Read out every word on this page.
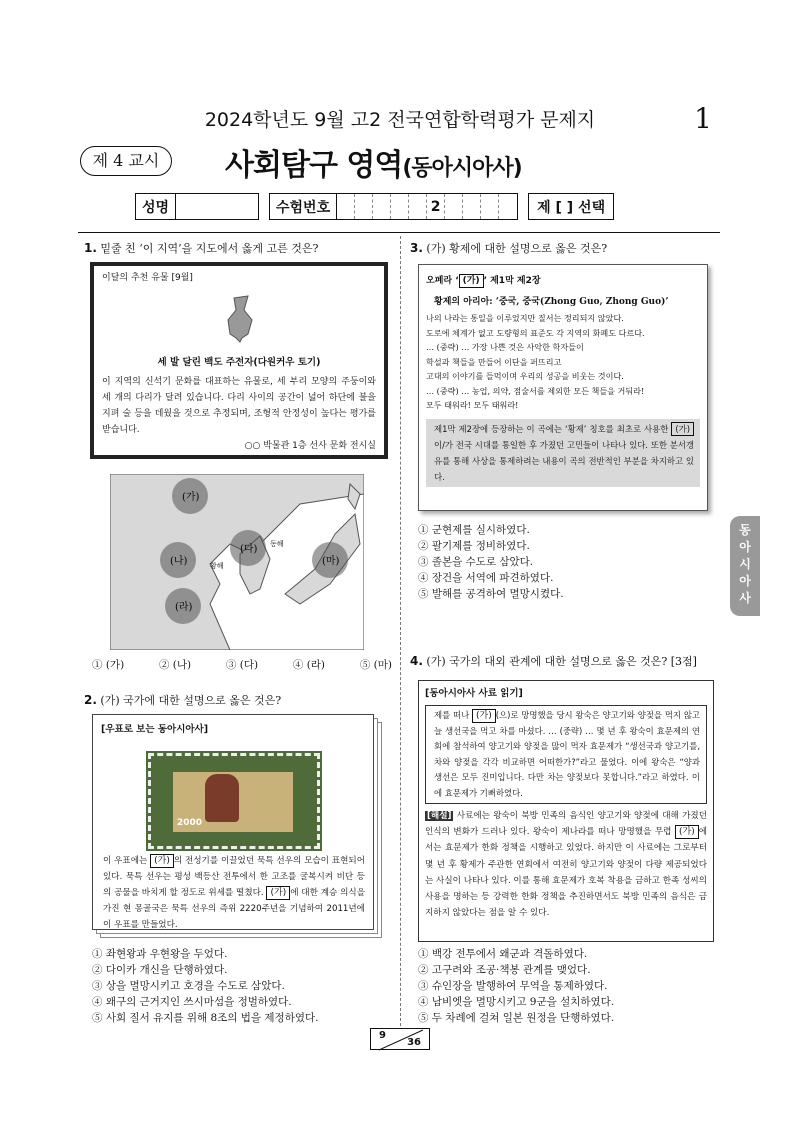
2024학년도 9월 고2 전국연합학력평가 문제지	1
제 4 교시	사회탐구 영역(동아시아사)
성명	수험번호	2	제 [ ] 선택
1. 밑줄 친 ‘이 지역’을 지도에서 옳게 고른 것은?
이달의 추천 유물 [9월]
세 발 달린 백도 주전자(다원커우 토기)
이 지역의 신석기 문화를 대표하는 유물로, 세 부리 모양의 주둥이와 세 개의 다리가 달려 있습니다. 다리 사이의 공간이 넓어 하단에 불을 지펴 술 등을 데웠을 것으로 추정되며, 조형적 안정성이 높다는 평가를 받습니다.
○○ 박물관 1층 선사 문화 전시실
(가)
(나)
(다)
(라)
(마)
동해
황해
① (가)	② (나)	③ (다)	④ (라)	⑤ (마)
2. (가) 국가에 대한 설명으로 옳은 것은?
[우표로 보는 동아시아사]
2000
이 우표에는 (가) 의 전성기를 이끌었던 묵특 선우의 모습이 표현되어 있다. 묵특 선우는 평성 백등산 전투에서 한 고조를 굴복시켜 비단 등의 공물을 바치게 할 정도로 위세를 떨쳤다. (가) 에 대한 계승 의식을 가진 현 몽골국은 묵특 선우의 즉위 2220주년을 기념하여 2011년에 이 우표를 만들었다.
① 좌현왕과 우현왕을 두었다.
② 다이카 개신을 단행하였다.
③ 상을 멸망시키고 호경을 수도로 삼았다.
④ 왜구의 근거지인 쓰시마섬을 정벌하였다.
⑤ 사회 질서 유지를 위해 8조의 법을 제정하였다.
3. (가) 황제에 대한 설명으로 옳은 것은?
오페라 ‘ (가) ’ 제1막 제2장
황제의 아리아: ‘중국, 중국(Zhong Guo, Zhong Guo)’
나의 나라는 통일을 이루었지만 질서는 정리되지 않았다.
도로에 체계가 없고 도량형의 표준도 각 지역의 화폐도 다르다.
… (중략) … 가장 나쁜 것은 사악한 학자들이
학설과 책들을 만들어 이단을 퍼뜨리고
고대의 이야기를 들먹이며 우리의 성공을 비웃는 것이다.
… (중략) … 농업, 의약, 점술서를 제외한 모든 책들을 거둬라!
모두 태워라! 모두 태워라!
제1막 제2장에 등장하는 이 곡에는 ‘황제’ 칭호를 최초로 사용한 (가)이/가 전국 시대를 통일한 후 가졌던 고민들이 나타나 있다. 또한 분서갱유를 통해 사상을 통제하려는 내용이 곡의 전반적인 부분을 차지하고 있다.
① 군현제를 실시하였다.
② 팔기제를 정비하였다.
③ 졸본을 수도로 삼았다.
④ 장건을 서역에 파견하였다.
⑤ 발해를 공격하여 멸망시켰다.
4. (가) 국가의 대외 관계에 대한 설명으로 옳은 것은? [3점]
[동아시아사 사료 읽기]
제를 떠나 (가) (으)로 망명했을 당시 왕숙은 양고기와 양젖을 먹지 않고 늘 생선국을 먹고 차를 마셨다. … (중략) … 몇 년 후 왕숙이 효문제의 연회에 참석하여 양고기와 양젖을 많이 먹자 효문제가 “생선국과 양고기를, 차와 양젖을 각각 비교하면 어떠한가?”라고 물었다. 이에 왕숙은 “양과 생선은 모두 진미입니다. 다만 차는 양젖보다 못합니다.”라고 하였다. 이에 효문제가 기뻐하였다.
[해설] 사료에는 왕숙이 북방 민족의 음식인 양고기와 양젖에 대해 가졌던 인식의 변화가 드러나 있다. 왕숙이 제나라를 떠나 망명했을 무렵 (가) 에서는 효문제가 한화 정책을 시행하고 있었다. 하지만 이 사료에는 그로부터 몇 년 후 황제가 주관한 연회에서 여전히 양고기와 양젖이 다량 제공되었다는 사실이 나타나 있다. 이를 통해 효문제가 호복 착용을 금하고 한족 성씨의 사용을 명하는 등 강력한 한화 정책을 추진하면서도 북방 민족의 음식은 금지하지 않았다는 점을 알 수 있다.
① 백강 전투에서 왜군과 격돌하였다.
② 고구려와 조공·책봉 관계를 맺었다.
③ 슈인장을 발행하여 무역을 통제하였다.
④ 남비엣을 멸망시키고 9군을 설치하였다.
⑤ 두 차례에 걸쳐 일본 원정을 단행하였다.
동
아
시
아
사
9
36
